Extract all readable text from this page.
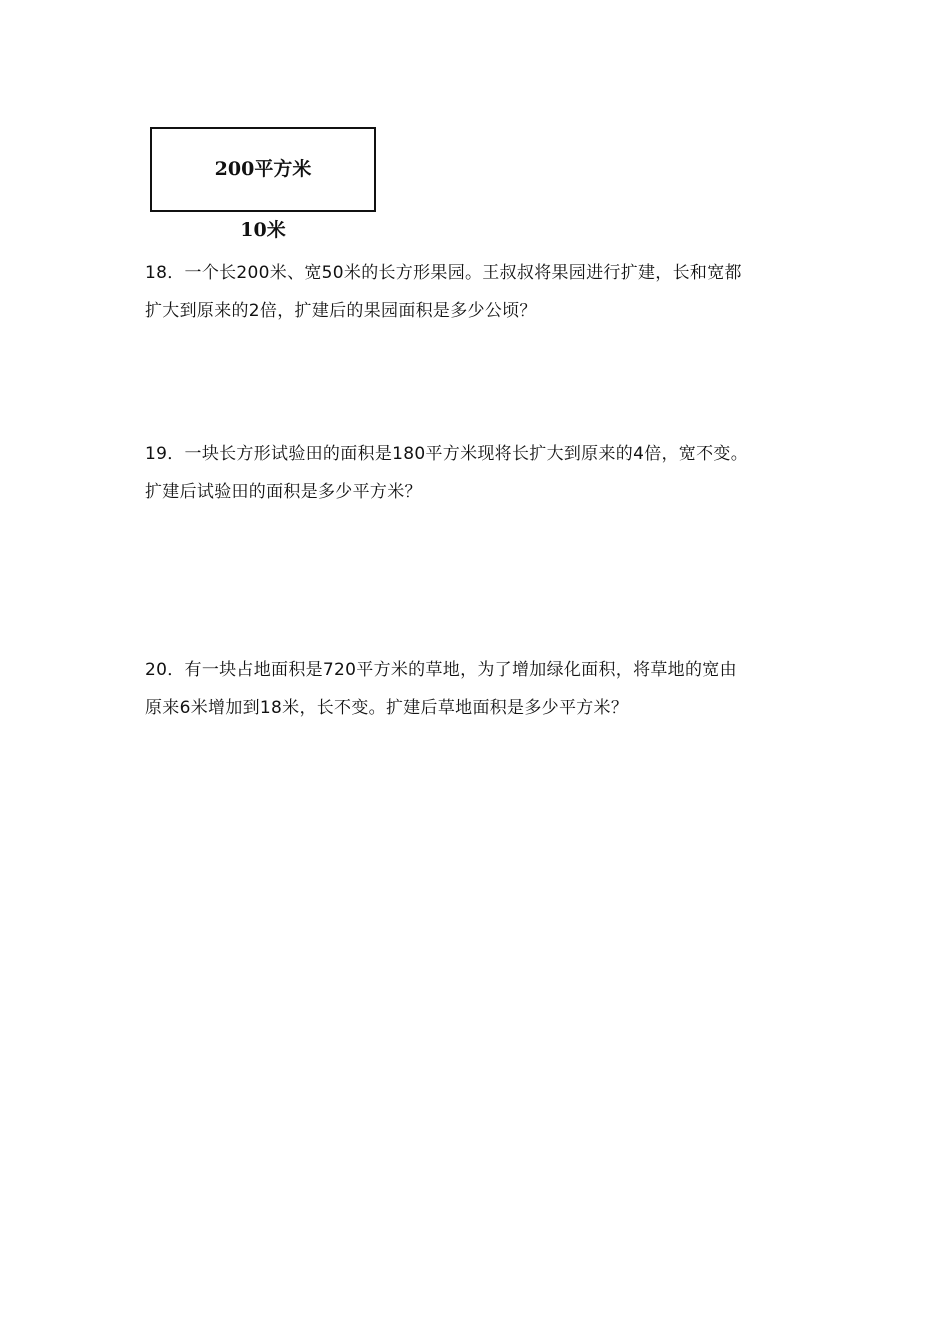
200平方米
10米
18．一个长200米、宽50米的长方形果园。王叔叔将果园进行扩建，长和宽都
扩大到原来的2倍，扩建后的果园面积是多少公顷？
19．一块长方形试验田的面积是180平方米现将长扩大到原来的4倍，宽不变。
扩建后试验田的面积是多少平方米？
20．有一块占地面积是720平方米的草地，为了增加绿化面积，将草地的宽由
原来6米增加到18米，长不变。扩建后草地面积是多少平方米？
